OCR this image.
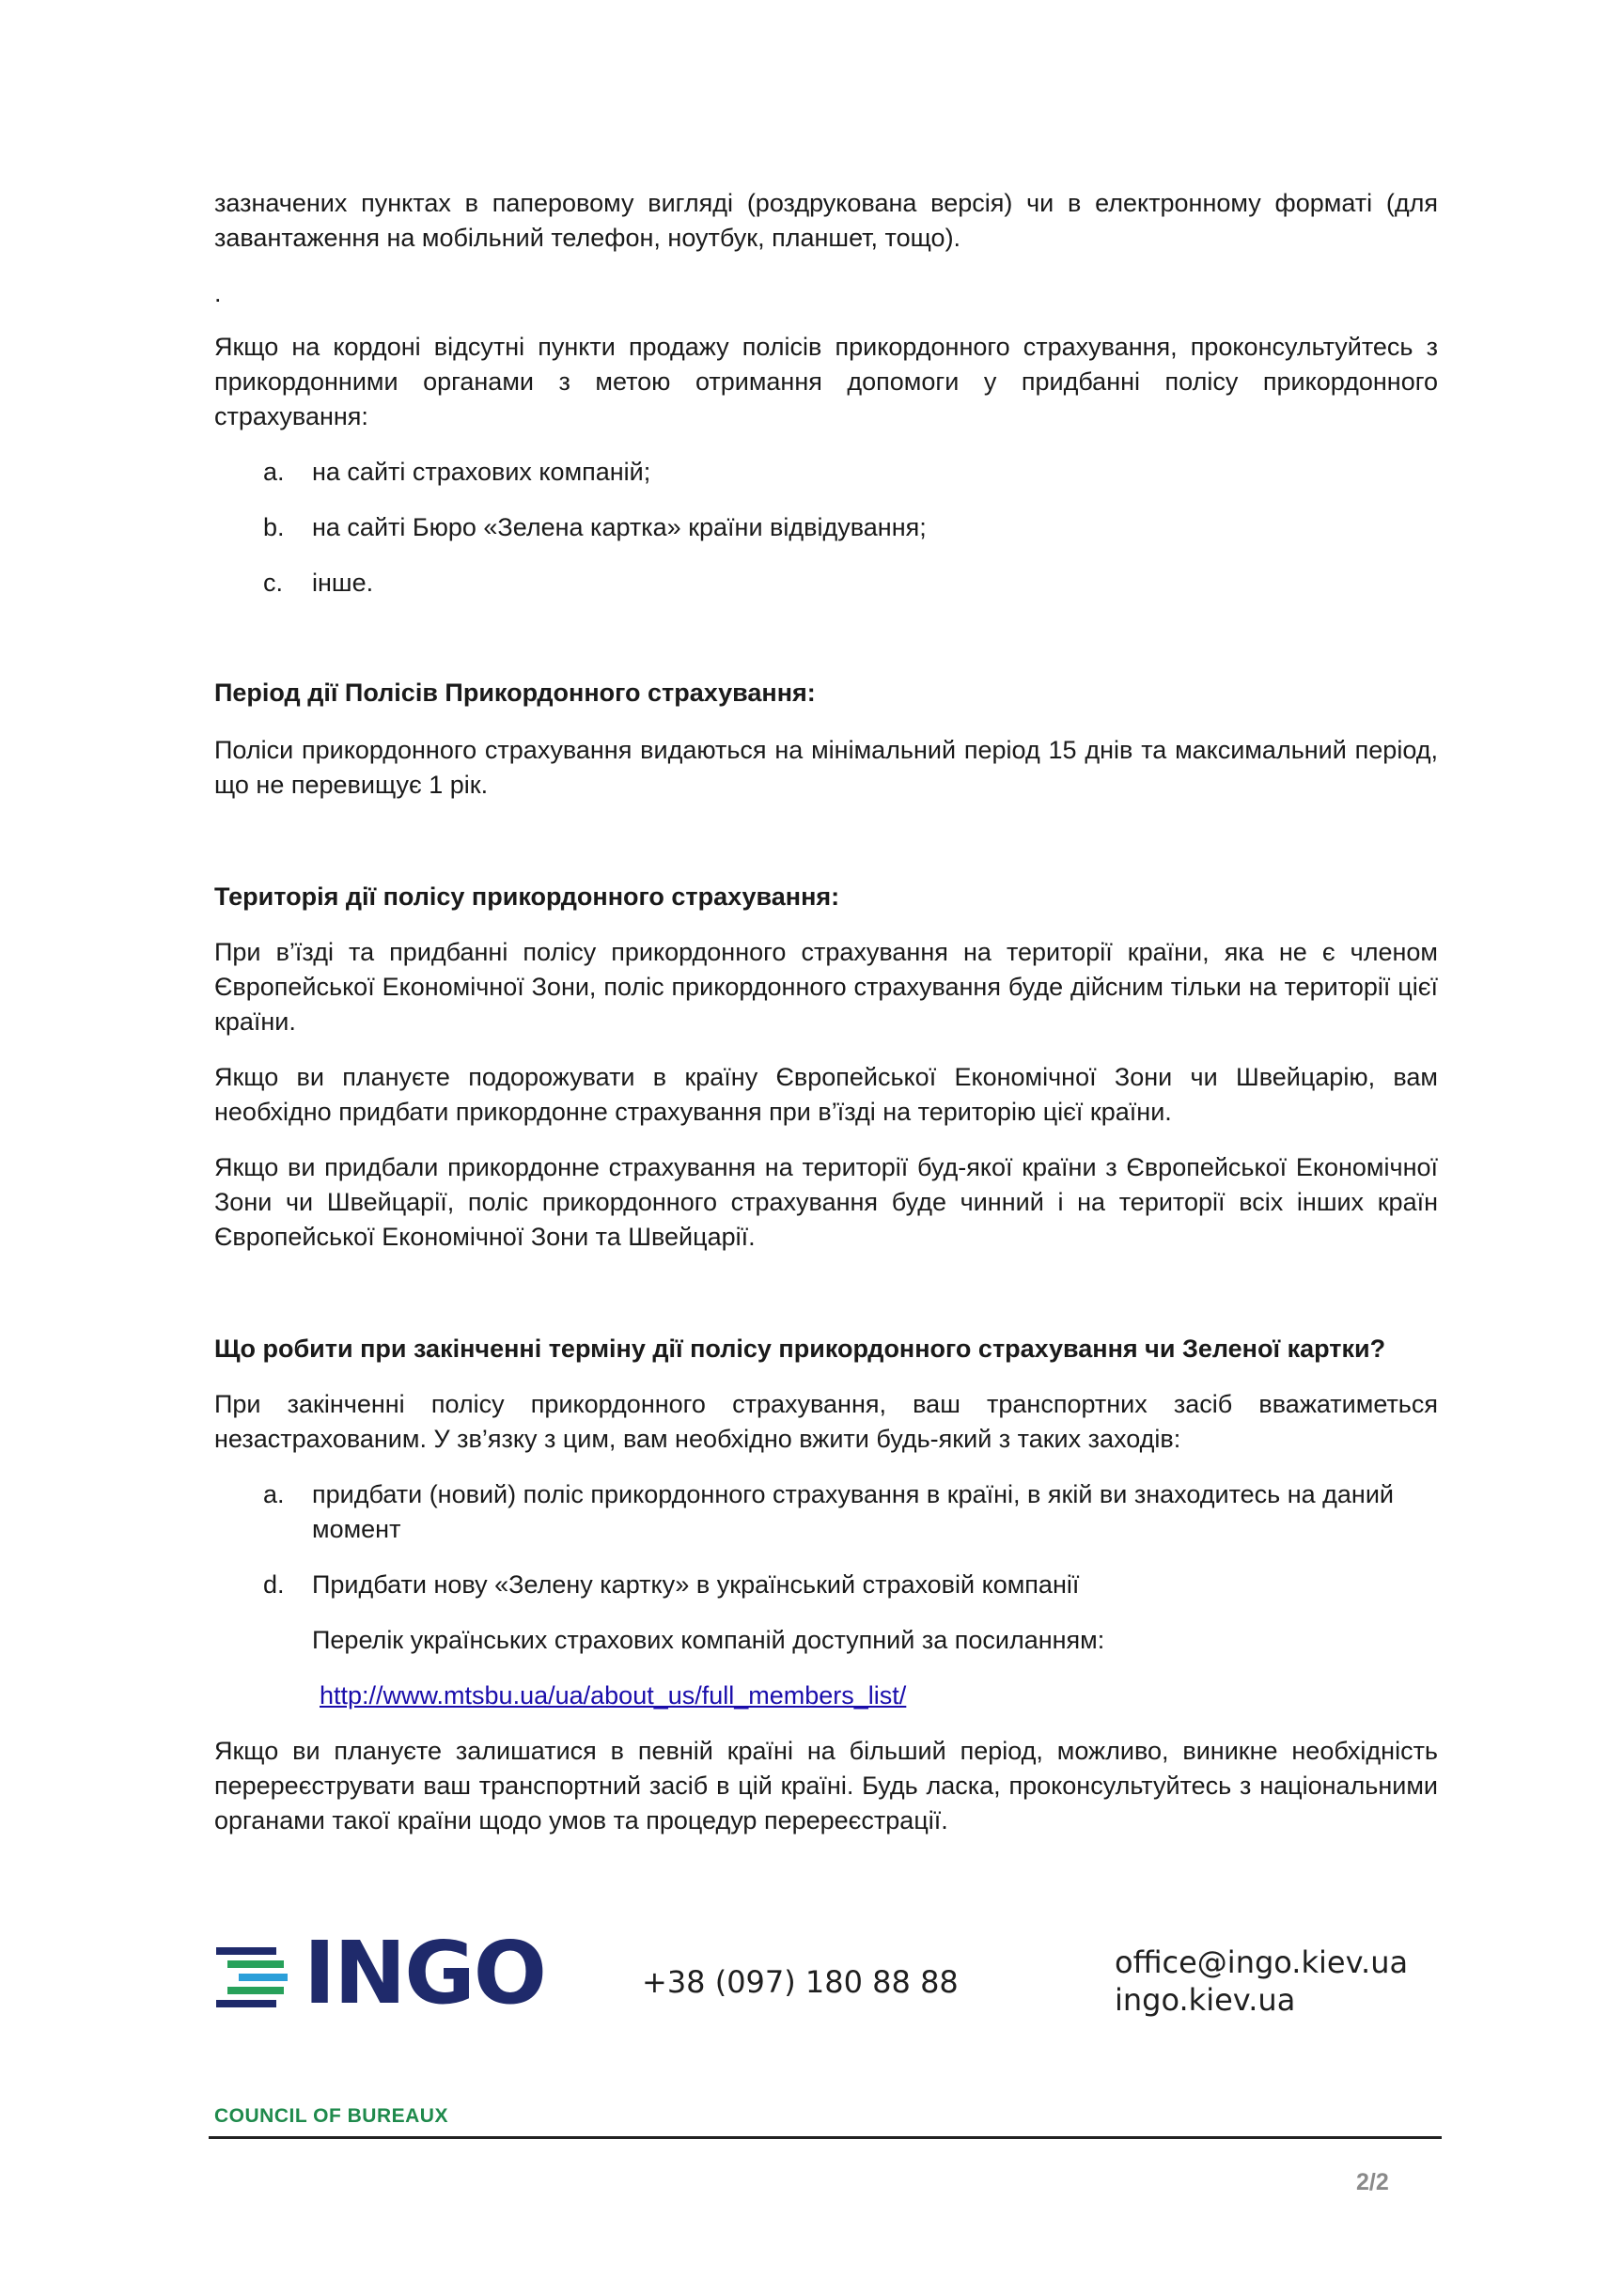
зазначених пунктах в паперовому вигляді (роздрукована версія) чи в електронному форматі (для завантаження на мобільний телефон, ноутбук, планшет, тощо).

.

Якщо на кордоні відсутні пункти продажу полісів прикордонного страхування, проконсультуйтесь з прикордонними органами з метою отримання допомоги у придбанні полісу прикордонного страхування:

a.	на сайті страхових компаній;
b.	на сайті Бюро «Зелена картка» країни відвідування;
c.	інше.

Період дії Полісів Прикордонного страхування:

Поліси прикордонного страхування видаються на мінімальний період 15 днів та максимальний період, що не перевищує 1 рік.

Територія дії полісу прикордонного страхування:

При в’їзді та придбанні полісу прикордонного страхування на території країни, яка не є членом Європейської Економічної Зони, поліс прикордонного страхування буде дійсним тільки на території цієї країни.

Якщо ви плануєте подорожувати в країну Європейської Економічної Зони чи Швейцарію, вам необхідно придбати прикордонне страхування при в’їзді на територію цієї країни.

Якщо ви придбали прикордонне страхування на території буд-якої країни з Європейської Економічної Зони чи Швейцарії, поліс прикордонного страхування буде чинний і на території всіх інших країн Європейської Економічної Зони та Швейцарії.

Що робити при закінченні терміну дії полісу прикордонного страхування чи Зеленої картки?

При закінченні полісу прикордонного страхування, ваш транспортних засіб вважатиметься незастрахованим. У зв’язку з цим, вам необхідно вжити будь-який з таких заходів:

a.	придбати (новий) поліс прикордонного страхування в країні, в якій ви знаходитесь на даний момент
d.	Придбати нову «Зелену картку» в український страховій компанії

Перелік українських страхових компаній доступний за посиланням:

http://www.mtsbu.ua/ua/about_us/full_members_list/

Якщо ви плануєте залишатися в певній країні на більший період, можливо, виникне необхідність перереєструвати ваш транспортний засіб в цій країні. Будь ласка, проконсультуйтесь з національними органами такої країни щодо умов та процедур перереєстрації.

INGO	+38 (097) 180 88 88
office@ingo.kiev.ua
ingo.kiev.ua
COUNCIL OF BUREAUX
2/2
